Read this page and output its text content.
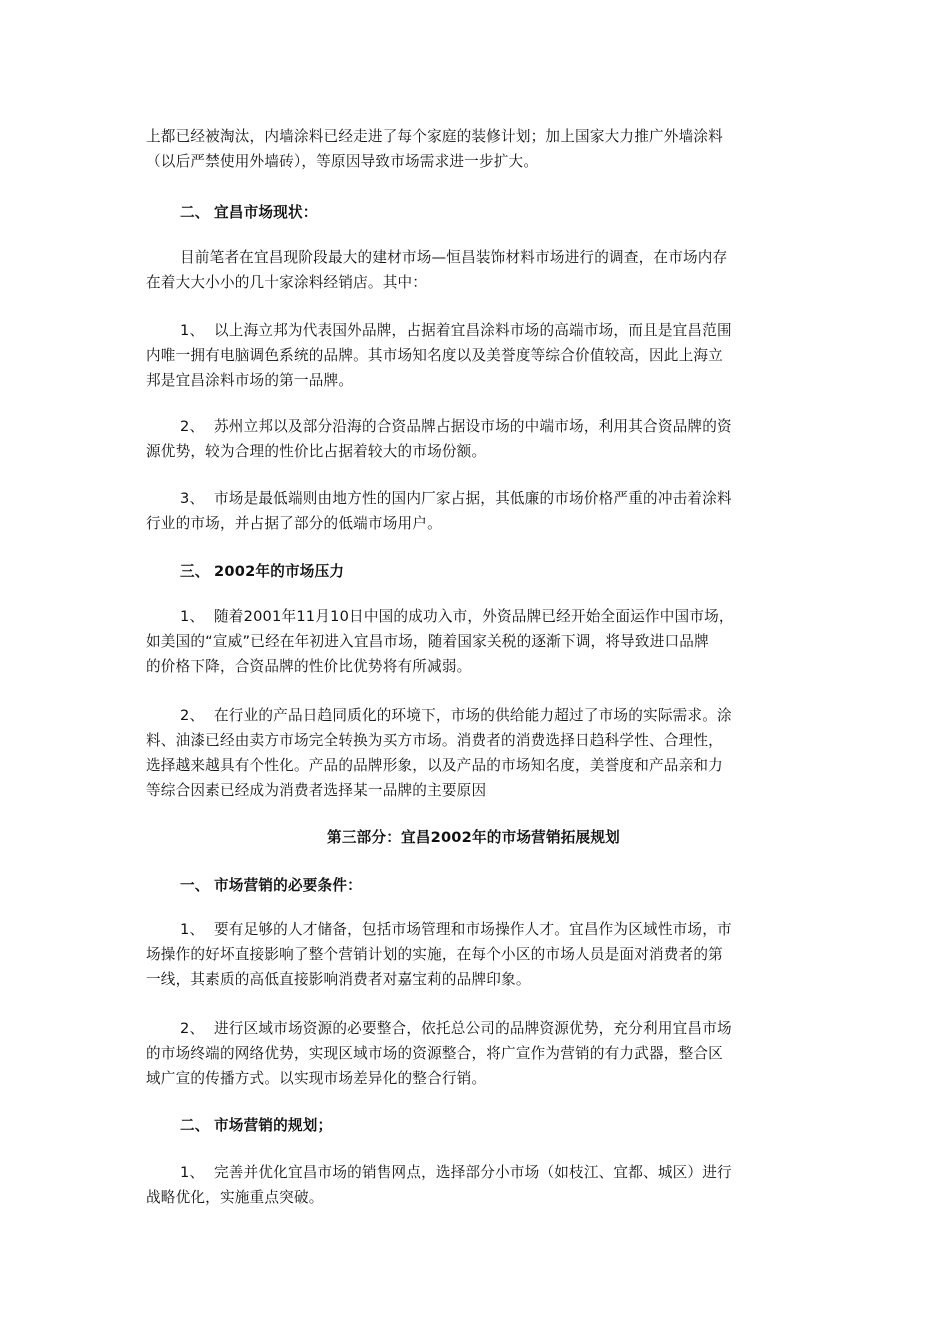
上都已经被淘汰，内墙涂料已经走进了每个家庭的装修计划；加上国家大力推广外墙涂料
（以后严禁使用外墙砖），等原因导致市场需求进一步扩大。
二、 宜昌市场现状：
目前笔者在宜昌现阶段最大的建材市场—恒昌装饰材料市场进行的调查，在市场内存
在着大大小小的几十家涂料经销店。其中：
1、 以上海立邦为代表国外品牌，占据着宜昌涂料市场的高端市场，而且是宜昌范围
内唯一拥有电脑调色系统的品牌。其市场知名度以及美誉度等综合价值较高，因此上海立
邦是宜昌涂料市场的第一品牌。
2、 苏州立邦以及部分沿海的合资品牌占据设市场的中端市场，利用其合资品牌的资
源优势，较为合理的性价比占据着较大的市场份额。
3、 市场是最低端则由地方性的国内厂家占据，其低廉的市场价格严重的冲击着涂料
行业的市场，并占据了部分的低端市场用户。
三、 2002年的市场压力
1、 随着2001年11月10日中国的成功入市，外资品牌已经开始全面运作中国市场，
如美国的“宣威”已经在年初进入宜昌市场，随着国家关税的逐渐下调，将导致进口品牌
的价格下降，合资品牌的性价比优势将有所减弱。
2、 在行业的产品日趋同质化的环境下，市场的供给能力超过了市场的实际需求。涂
料、油漆已经由卖方市场完全转换为买方市场。消费者的消费选择日趋科学性、合理性，
选择越来越具有个性化。产品的品牌形象，以及产品的市场知名度，美誉度和产品亲和力
等综合因素已经成为消费者选择某一品牌的主要原因
第三部分：宜昌2002年的市场营销拓展规划
一、 市场营销的必要条件：
1、 要有足够的人才储备，包括市场管理和市场操作人才。宜昌作为区域性市场，市
场操作的好坏直接影响了整个营销计划的实施，在每个小区的市场人员是面对消费者的第
一线，其素质的高低直接影响消费者对嘉宝莉的品牌印象。
2、 进行区域市场资源的必要整合，依托总公司的品牌资源优势，充分利用宜昌市场
的市场终端的网络优势，实现区域市场的资源整合，将广宣作为营销的有力武器，整合区
域广宣的传播方式。以实现市场差异化的整合行销。
二、 市场营销的规划；
1、 完善并优化宜昌市场的销售网点，选择部分小市场（如枝江、宜都、城区）进行
战略优化，实施重点突破。
